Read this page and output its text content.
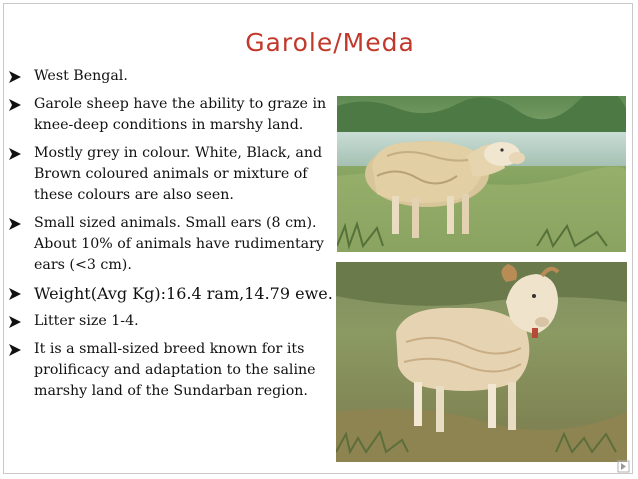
Garole/Meda
West Bengal.
Garole sheep have the ability to graze in knee-deep conditions in marshy land.
Mostly grey in colour. White, Black, and Brown coloured animals or mixture of these colours are also seen.
Small sized animals. Small ears (8 cm). About 10% of animals have rudimentary ears (<3 cm).
Weight(Avg Kg):16.4 ram,14.79 ewe.
Litter size 1-4.
It is a small-sized breed known for its prolificacy and adaptation to the saline marshy land of the Sundarban region.
